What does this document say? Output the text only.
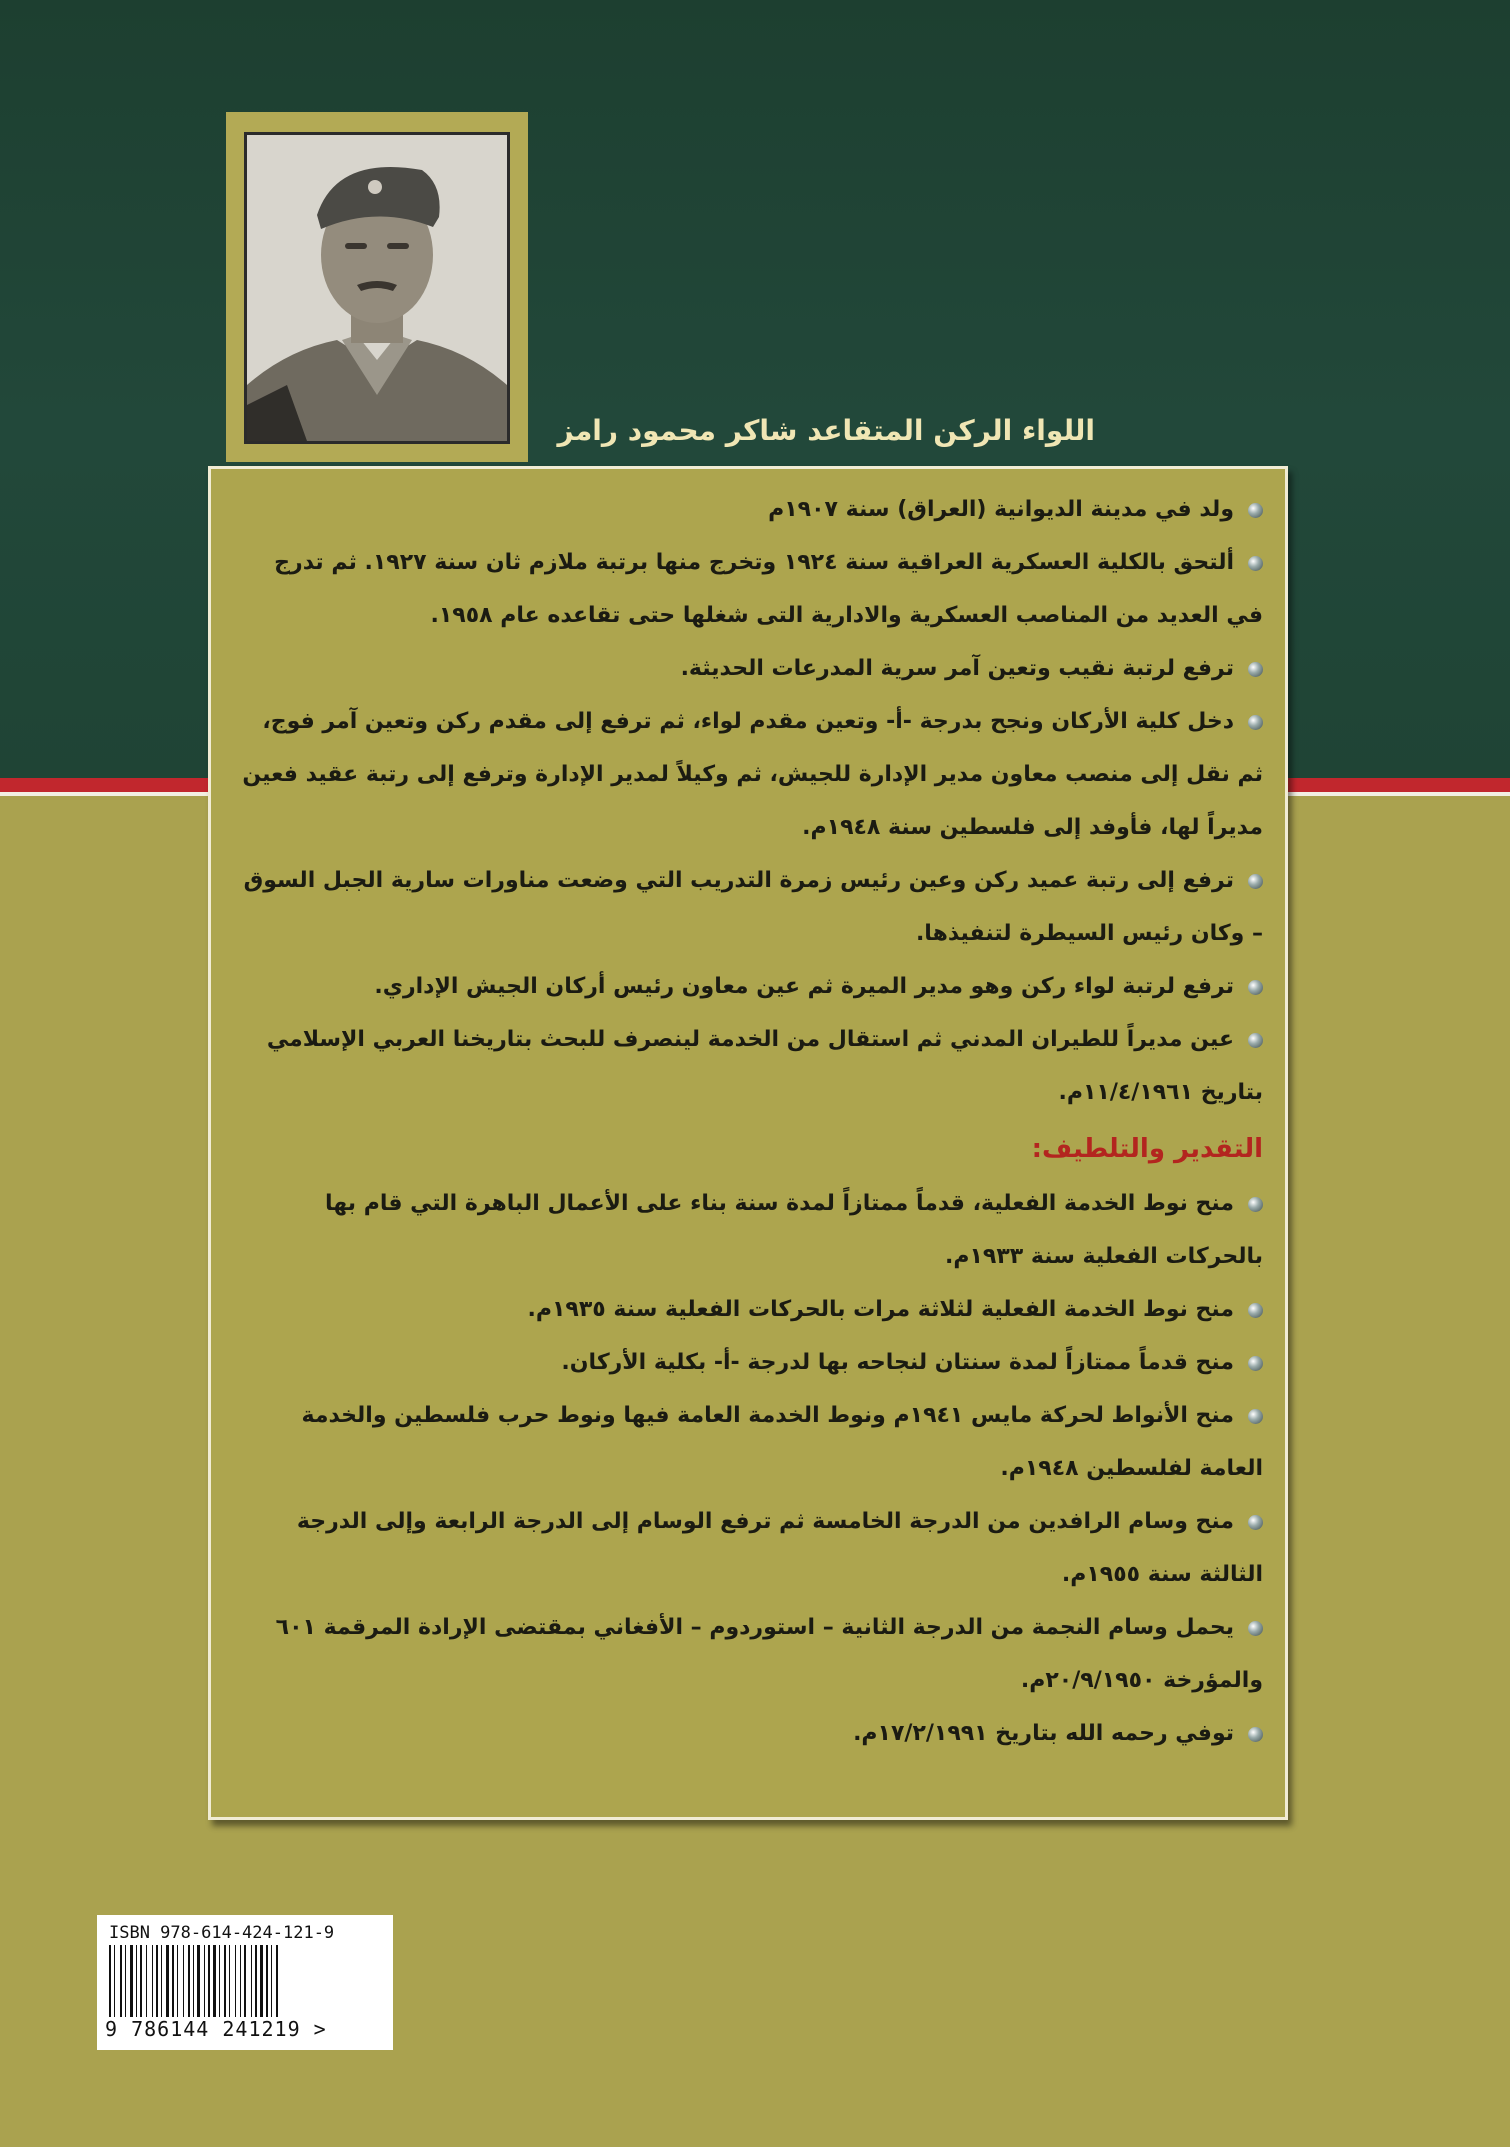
اللواء الركن المتقاعد شاكر محمود رامز
ولد في مدينة الديوانية (العراق) سنة ١٩٠٧م
ألتحق بالكلية العسكرية العراقية سنة ١٩٢٤ وتخرج منها برتبة ملازم ثان سنة ١٩٢٧. ثم تدرج في العديد من المناصب العسكرية والادارية التى شغلها حتى تقاعده عام ١٩٥٨.
ترفع لرتبة نقيب وتعين آمر سرية المدرعات الحديثة.
دخل كلية الأركان ونجح بدرجة -أ- وتعين مقدم لواء، ثم ترفع إلى مقدم ركن وتعين آمر فوج، ثم نقل إلى منصب معاون مدير الإدارة للجيش، ثم وكيلاً لمدير الإدارة وترفع إلى رتبة عقيد فعين مديراً لها، فأوفد إلى فلسطين سنة ١٩٤٨م.
ترفع إلى رتبة عميد ركن وعين رئيس زمرة التدريب التي وضعت مناورات سارية الجبل السوق – وكان رئيس السيطرة لتنفيذها.
ترفع لرتبة لواء ركن وهو مدير الميرة ثم عين معاون رئيس أركان الجيش الإداري.
عين مديراً للطيران المدني ثم استقال من الخدمة لينصرف للبحث بتاريخنا العربي الإسلامي بتاريخ ١١/٤/١٩٦١م.
التقدير والتلطيف:
منح نوط الخدمة الفعلية، قدماً ممتازاً لمدة سنة بناء على الأعمال الباهرة التي قام بها بالحركات الفعلية سنة ١٩٣٣م.
منح نوط الخدمة الفعلية لثلاثة مرات بالحركات الفعلية سنة ١٩٣٥م.
منح قدماً ممتازاً لمدة سنتان لنجاحه بها لدرجة -أ- بكلية الأركان.
منح الأنواط لحركة مايس ١٩٤١م ونوط الخدمة العامة فيها ونوط حرب فلسطين والخدمة العامة لفلسطين ١٩٤٨م.
منح وسام الرافدين من الدرجة الخامسة ثم ترفع الوسام إلى الدرجة الرابعة وإلى الدرجة الثالثة سنة ١٩٥٥م.
يحمل وسام النجمة من الدرجة الثانية – استوردوم – الأفغاني بمقتضى الإرادة المرقمة ٦٠١ والمؤرخة ٢٠/٩/١٩٥٠م.
توفي رحمه الله بتاريخ ١٧/٢/١٩٩١م.
ISBN 978-614-424-121-9
9 786144 241219 >
